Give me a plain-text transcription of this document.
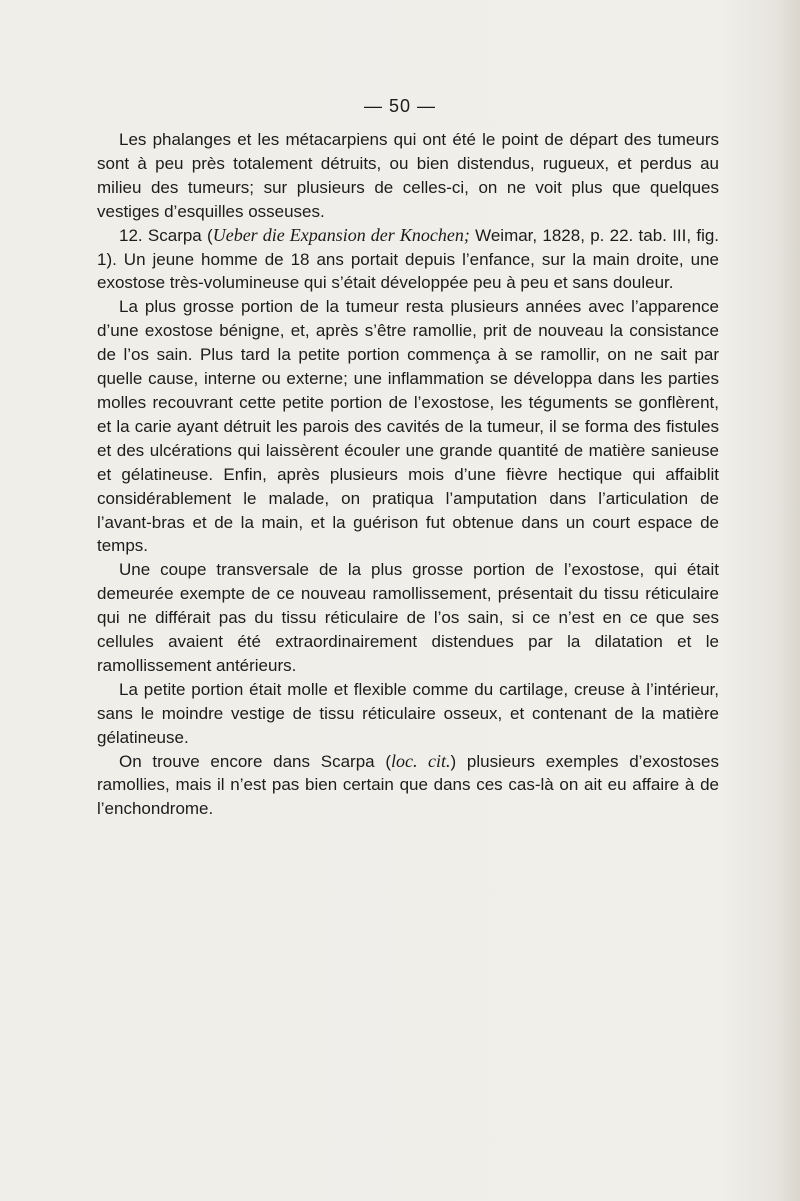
— 50 —

Les phalanges et les métacarpiens qui ont été le point de départ des tumeurs sont à peu près totalement détruits, ou bien distendus, rugueux, et perdus au milieu des tumeurs; sur plusieurs de celles-ci, on ne voit plus que quelques vestiges d’esquilles osseuses.

12. Scarpa (Ueber die Expansion der Knochen; Weimar, 1828, p. 22. tab. III, fig. 1). Un jeune homme de 18 ans portait depuis l’enfance, sur la main droite, une exostose très-volumineuse qui s’était développée peu à peu et sans douleur.

La plus grosse portion de la tumeur resta plusieurs années avec l’apparence d’une exostose bénigne, et, après s’être ramollie, prit de nouveau la consistance de l’os sain. Plus tard la petite portion commença à se ramollir, on ne sait par quelle cause, interne ou externe; une inflammation se développa dans les parties molles recouvrant cette petite portion de l’exostose, les téguments se gonflèrent, et la carie ayant détruit les parois des cavités de la tumeur, il se forma des fistules et des ulcérations qui laissèrent écouler une grande quantité de matière sanieuse et gélatineuse. Enfin, après plusieurs mois d’une fièvre hectique qui affaiblit considérablement le malade, on pratiqua l’amputation dans l’articulation de l’avant-bras et de la main, et la guérison fut obtenue dans un court espace de temps.

Une coupe transversale de la plus grosse portion de l’exostose, qui était demeurée exempte de ce nouveau ramollissement, présentait du tissu réticulaire qui ne différait pas du tissu réticulaire de l’os sain, si ce n’est en ce que ses cellules avaient été extraordinairement distendues par la dilatation et le ramollissement antérieurs.

La petite portion était molle et flexible comme du cartilage, creuse à l’intérieur, sans le moindre vestige de tissu réticulaire osseux, et contenant de la matière gélatineuse.

On trouve encore dans Scarpa (loc. cit.) plusieurs exemples d’exostoses ramollies, mais il n’est pas bien certain que dans ces cas-là on ait eu affaire à de l’enchondrome.
